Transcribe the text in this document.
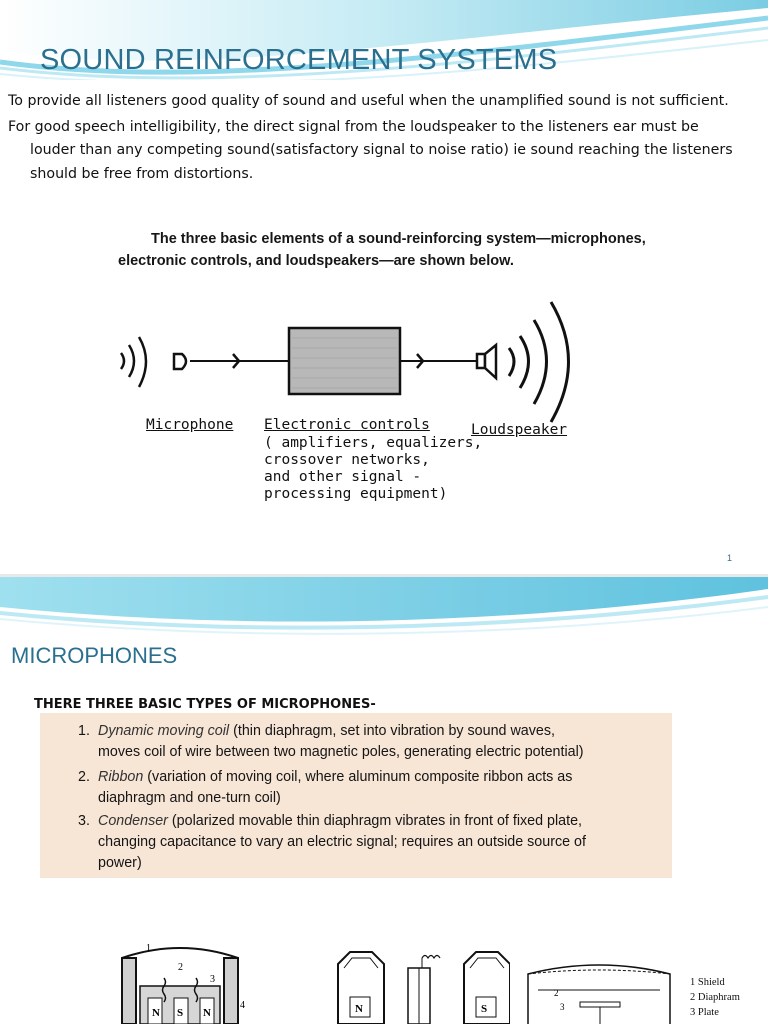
SOUND REINFORCEMENT SYSTEMS

To provide all listeners good quality of sound and useful when the unamplified sound is not sufficient.

For good speech intelligibility, the direct signal from the loudspeaker to the listeners ear must be louder than any competing sound(satisfactory signal to noise ratio) ie sound reaching the listeners should be free from distortions.

The three basic elements of a sound-reinforcing system—microphones,
electronic controls, and loudspeakers—are shown below.
Microphone Electronic controls
( amplifiers, equalizers,
crossover networks,
and other signal -
processing equipment)
Loudspeaker
1
MICROPHONES
THERE THREE BASIC TYPES OF MICROPHONES-
1. Dynamic moving coil (thin diaphragm, set into vibration by sound waves,
moves coil of wire between two magnetic poles, generating electric potential)
2. Ribbon (variation of moving coil, where aluminum composite ribbon acts as
diaphragm and one-turn coil)
3. Condenser (polarized movable thin diaphragm vibrates in front of fixed plate,
changing capacitance to vary an electric signal; requires an outside source of
power)
1
2
3
4
N S N	N	S
2
3
1 Shield
2 Diaphram
3 Plate
